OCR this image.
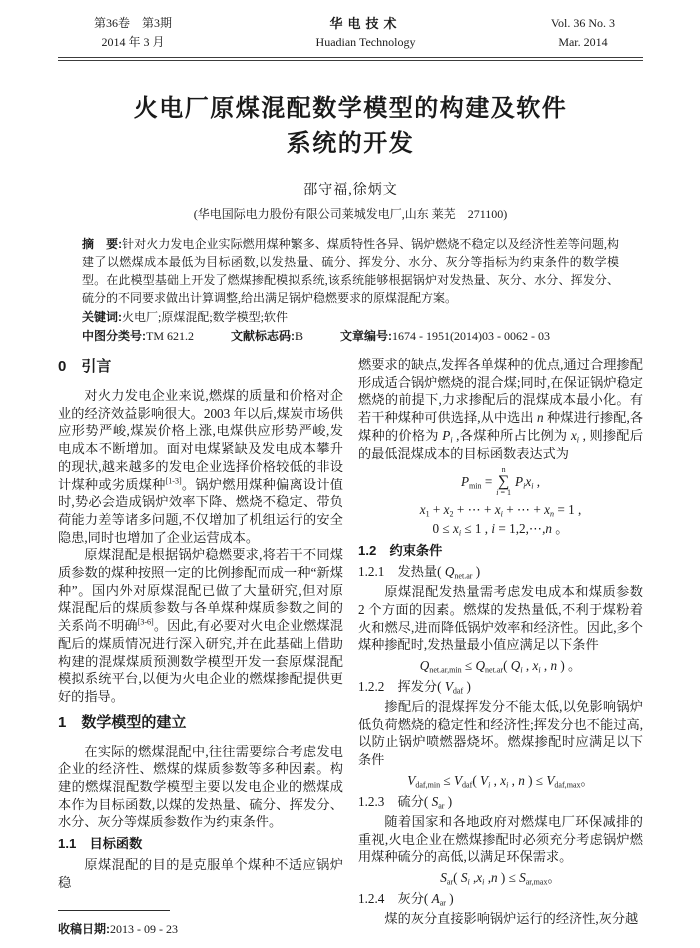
第36卷　第3期
2014 年 3 月
华电技术
Huadian Technology
Vol. 36 No. 3
Mar. 2014
火电厂原煤混配数学模型的构建及软件
系统的开发
邵守福,徐炳文
(华电国际电力股份有限公司莱城发电厂,山东 莱芜　271100)
摘　要:针对火力发电企业实际燃用煤种繁多、煤质特性各异、锅炉燃烧不稳定以及经济性差等问题,构建了以燃煤成本最低为目标函数,以发热量、硫分、挥发分、水分、灰分等指标为约束条件的数学模型。在此模型基础上开发了燃煤掺配模拟系统,该系统能够根据锅炉对发热量、灰分、水分、挥发分、硫分的不同要求做出计算调整,给出满足锅炉稳燃要求的原煤混配方案。
关键词:火电厂;原煤混配;数学模型;软件
中图分类号:TM 621.2	文献标志码:B	文章编号:1674 - 1951(2014)03 - 0062 - 03
0　引言

对火力发电企业来说,燃煤的质量和价格对企业的经济效益影响很大。2003 年以后,煤炭市场供应形势严峻,煤炭价格上涨,电煤供应形势严峻,发电成本不断增加。面对电煤紧缺及发电成本攀升的现状,越来越多的发电企业选择价格较低的非设计煤种或劣质煤种[1-3]。锅炉燃用煤种偏离设计值时,势必会造成锅炉效率下降、燃烧不稳定、带负荷能力差等诸多问题,不仅增加了机组运行的安全隐患,同时也增加了企业运营成本。

原煤混配是根据锅炉稳燃要求,将若干不同煤质参数的煤种按照一定的比例掺配而成一种“新煤种”。国内外对原煤混配已做了大量研究,但对原煤混配后的煤质参数与各单煤种煤质参数之间的关系尚不明确[3-6]。因此,有必要对火电企业燃煤混配后的煤质情况进行深入研究,并在此基础上借助构建的混煤煤质预测数学模型开发一套原煤混配模拟系统平台,以便为火电企业的燃煤掺配提供更好的指导。

1　数学模型的建立

在实际的燃煤混配中,往往需要综合考虑发电企业的经济性、燃煤的煤质参数等多种因素。构建的燃煤混配数学模型主要以发电企业的燃煤成本作为目标函数,以煤的发热量、硫分、挥发分、水分、灰分等煤质参数作为约束条件。

1.1　目标函数

原煤混配的目的是克服单个煤种不适应锅炉稳

收稿日期:2013 - 09 - 23

燃要求的缺点,发挥各单煤种的优点,通过合理掺配形成适合锅炉燃烧的混合煤;同时,在保证锅炉稳定燃烧的前提下,力求掺配后的混煤成本最小化。有若干种煤种可供选择,从中选出 n 种煤进行掺配,各煤种的价格为 $P_i$ ,各煤种所占比例为 $x_i$ , 则掺配后的最低混煤成本的目标函数表达式为

$P_{min}$ =
n
∑
i = 1
$P_ix_i$ ,
$x_1 + x_2$ + ⋯ + $x_i$ + ⋯ + $x_n = 1$ ,
$0 \le x_i \le 1$ , i = 1,2,⋯,n 。
1.2　约束条件
1.2.1　发热量( $Q_{net.ar}$ )

原煤混配发热量需考虑发电成本和煤质参数 2 个方面的因素。燃煤的发热量低,不利于煤粉着火和燃尽,进而降低锅炉效率和经济性。因此,多个煤种掺配时,发热量最小值应满足以下条件

$Q_{net.ar,min} \le Q_{net.ar}$( $Q_i$ , $x_i$ , n ) 。
1.2.2　挥发分( $V_{daf}$ )

掺配后的混煤挥发分不能太低,以免影响锅炉低负荷燃烧的稳定性和经济性;挥发分也不能过高,以防止锅炉喷燃器烧坏。燃煤掺配时应满足以下条件

$V_{daf,min} \le V_{daf}$( $V_i$ , $x_i$ , n ) ≤ $V_{daf,max}$。
1.2.3　硫分( $S_{ar}$ )

随着国家和各地政府对燃煤电厂环保减排的重视,火电企业在燃煤掺配时必须充分考虑锅炉燃用煤种硫分的高低,以满足环保需求。

$S_{ar}$( $S_i$ $,x_i$ ,n ) ≤ $S_{ar,max}$。
1.2.4　灰分( $A_{ar}$ )

煤的灰分直接影响锅炉运行的经济性,灰分越
